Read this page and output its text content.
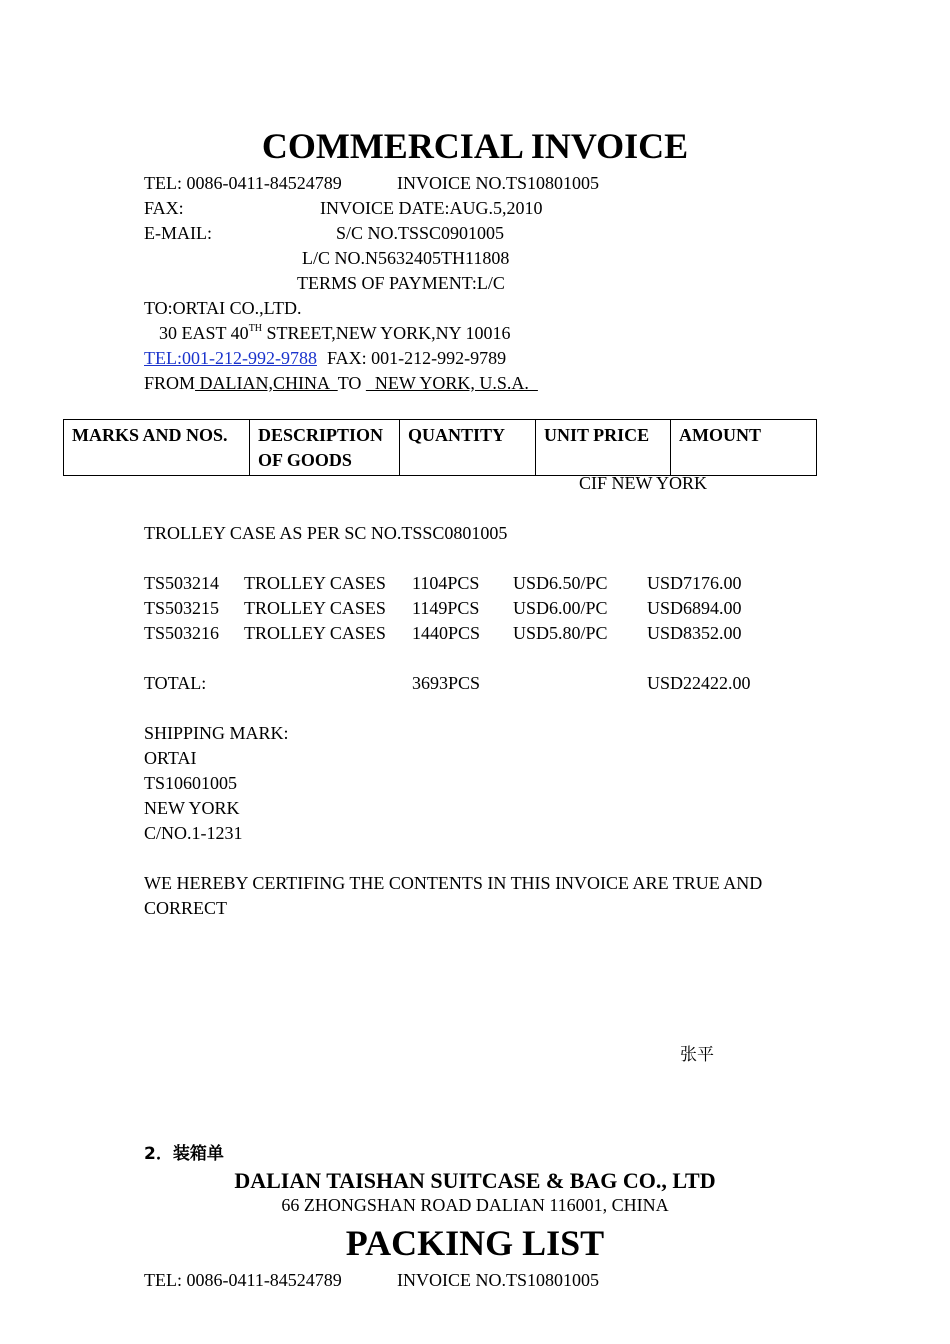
COMMERCIAL INVOICE
TEL: 0086-0411-84524789	INVOICE NO.TS10801005
FAX:	INVOICE DATE:AUG.5,2010
E-MAIL:	S/C NO.TSSC0901005
L/C NO.N5632405TH11808
TERMS OF PAYMENT:L/C
TO:ORTAI CO.,LTD.
30 EAST 40TH STREET,NEW YORK,NY 10016
TEL:001-212-992-9788 FAX: 001-212-992-9789
FROM DALIAN,CHINA  TO   NEW YORK, U.S.A.
MARKS AND NOS.	DESCRIPTION OF GOODS	QUANTITY	UNIT PRICE	AMOUNT
CIF NEW YORK
TROLLEY CASE AS PER SC NO.TSSC0801005
TS503214 TROLLEY CASES 1104PCS USD6.50/PC USD7176.00
TS503215 TROLLEY CASES 1149PCS USD6.00/PC USD6894.00
TS503216 TROLLEY CASES 1440PCS USD5.80/PC USD8352.00
TOTAL:	3693PCS	USD22422.00
SHIPPING MARK:
ORTAI
TS10601005
NEW YORK
C/NO.1-1231
WE HEREBY CERTIFING THE CONTENTS IN THIS INVOICE ARE TRUE AND
CORRECT
张平
2．装箱单
DALIAN TAISHAN SUITCASE & BAG CO., LTD
66 ZHONGSHAN ROAD DALIAN 116001, CHINA
PACKING LIST
TEL: 0086-0411-84524789	INVOICE NO.TS10801005
